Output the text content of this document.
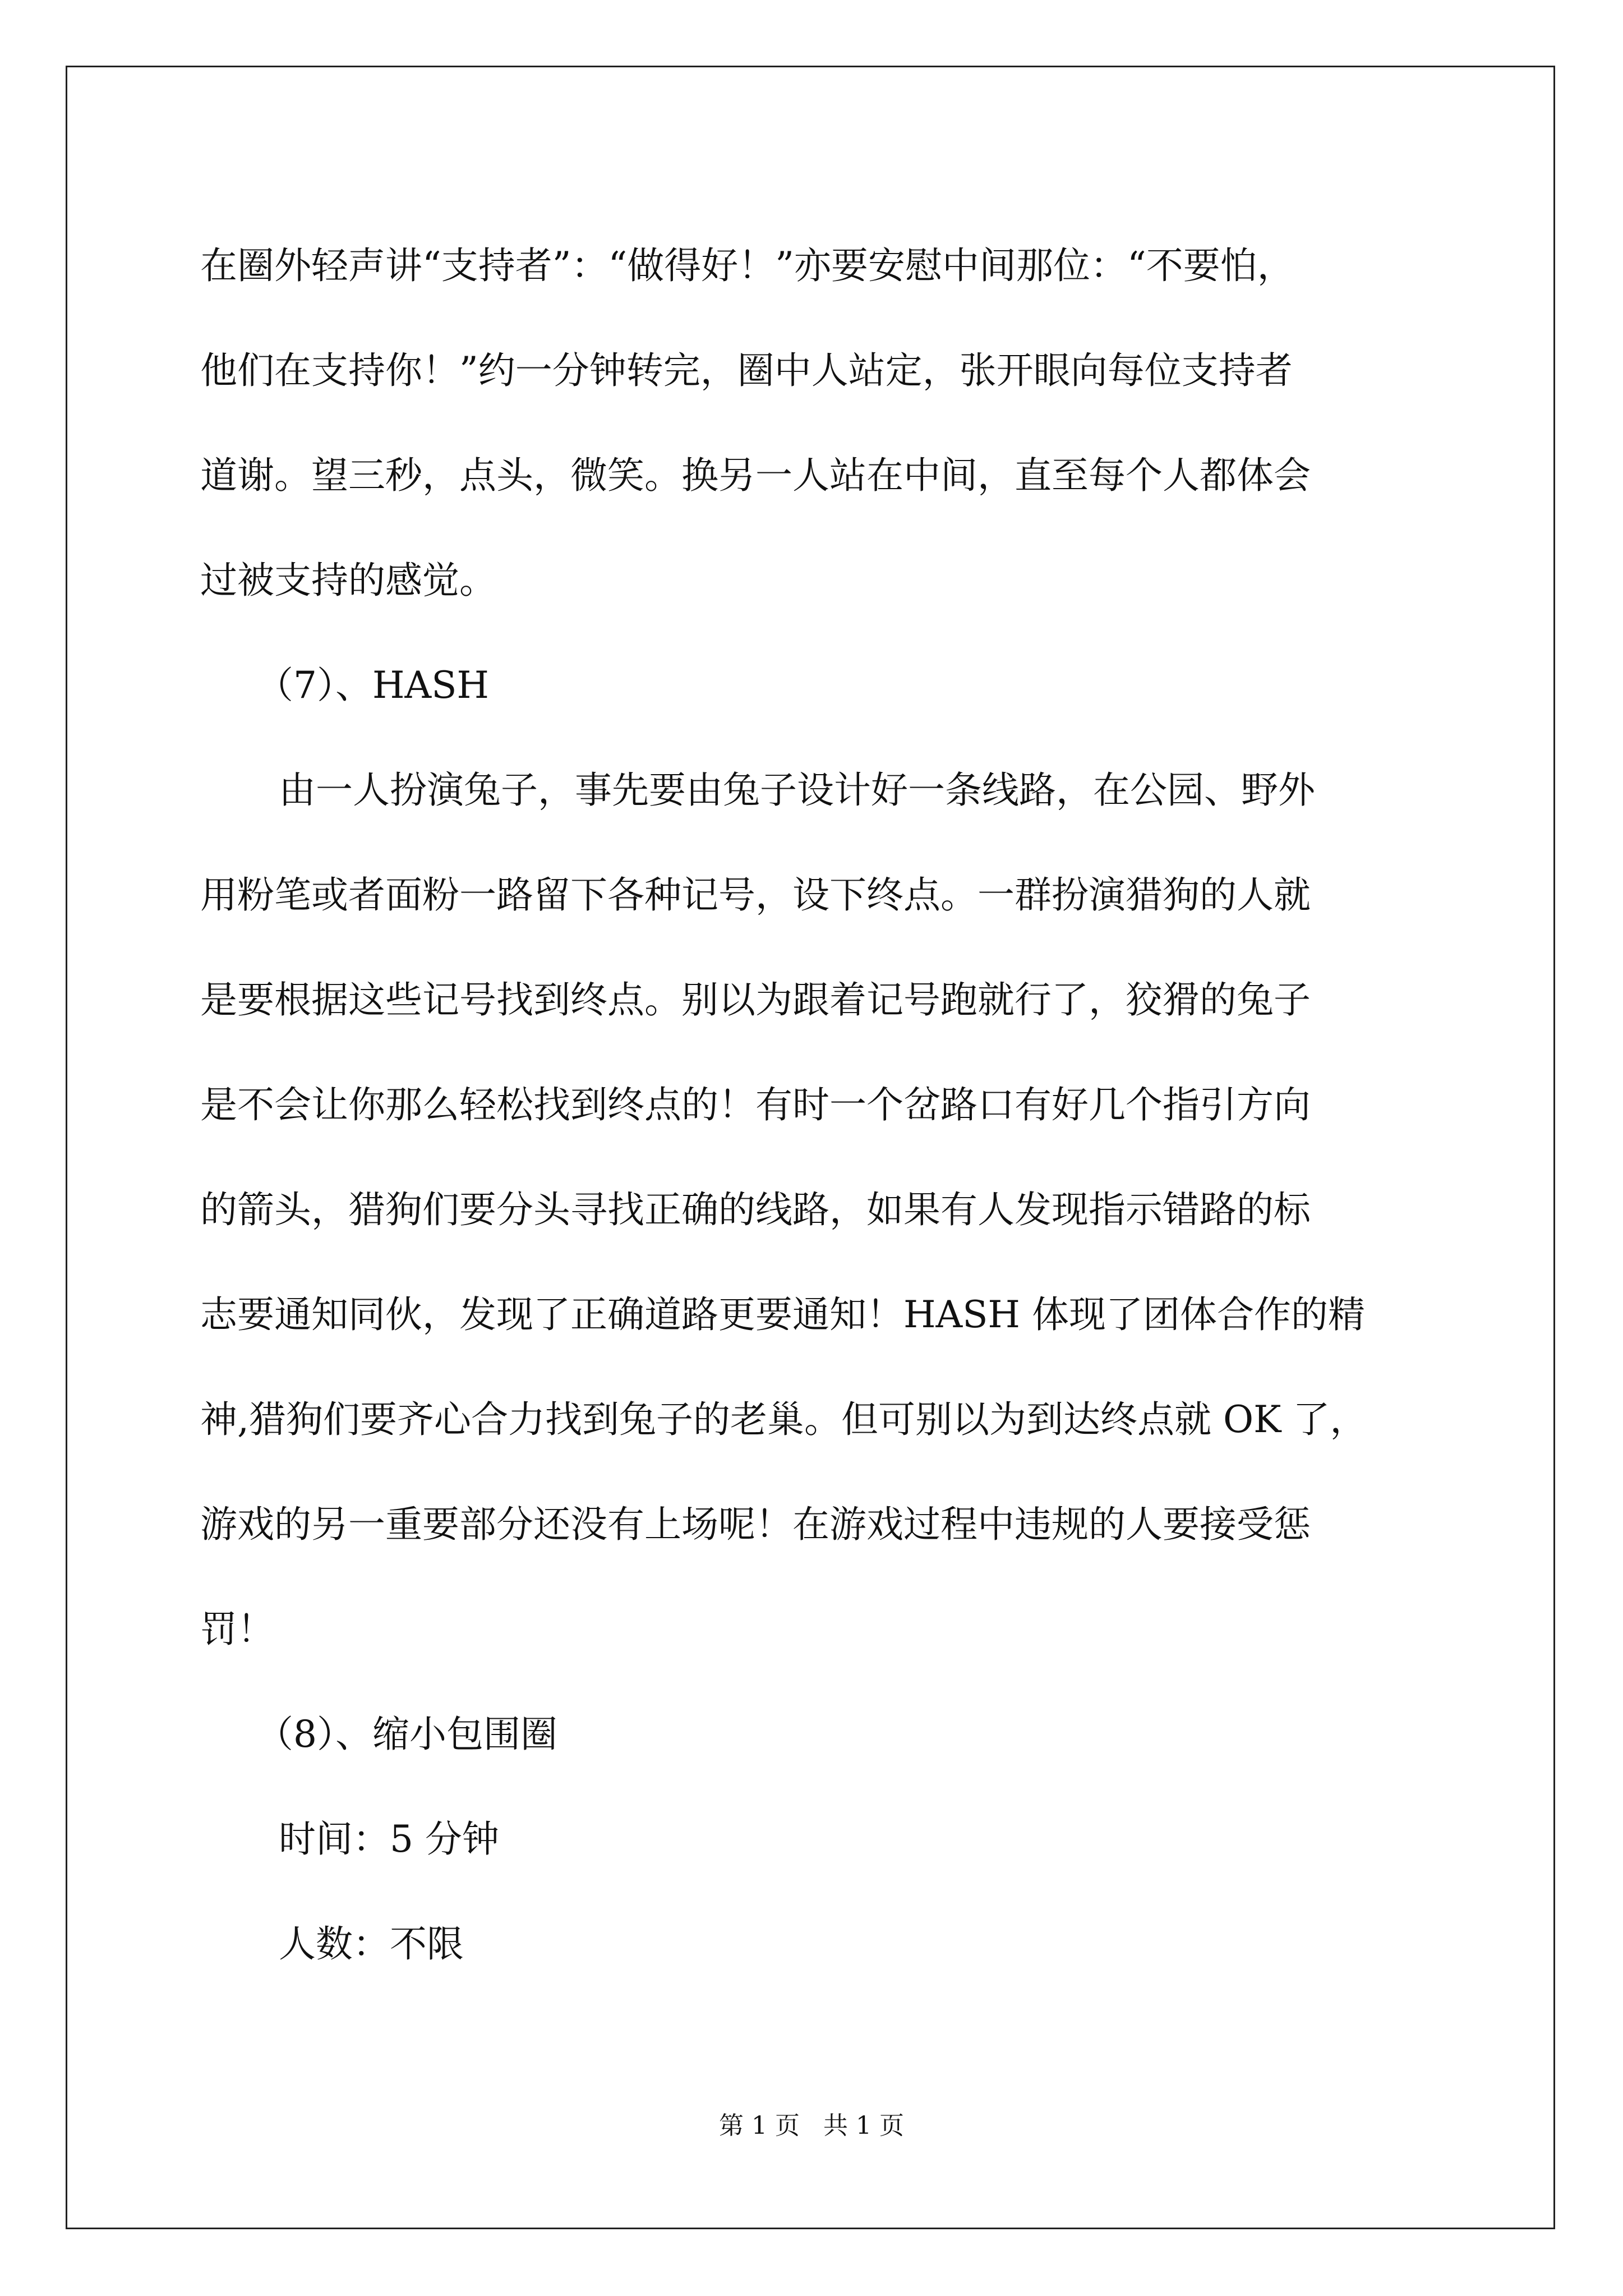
在圈外轻声讲“支持者”：“做得好！”亦要安慰中间那位：“不要怕，
他们在支持你！”约一分钟转完，圈中人站定，张开眼向每位支持者
道谢。望三秒，点头，微笑。换另一人站在中间，直至每个人都体会
过被支持的感觉。
（7）、HASH
由一人扮演兔子，事先要由兔子设计好一条线路，在公园、野外
用粉笔或者面粉一路留下各种记号，设下终点。一群扮演猎狗的人就
是要根据这些记号找到终点。别以为跟着记号跑就行了，狡猾的兔子
是不会让你那么轻松找到终点的！有时一个岔路口有好几个指引方向
的箭头，猎狗们要分头寻找正确的线路，如果有人发现指示错路的标
志要通知同伙，发现了正确道路更要通知！HASH 体现了团体合作的精
神,猎狗们要齐心合力找到兔子的老巢。但可别以为到达终点就 OK 了，
游戏的另一重要部分还没有上场呢！在游戏过程中违规的人要接受惩
罚！
（8）、缩小包围圈
时间：5 分钟
人数：不限
第 1 页   共 1 页
